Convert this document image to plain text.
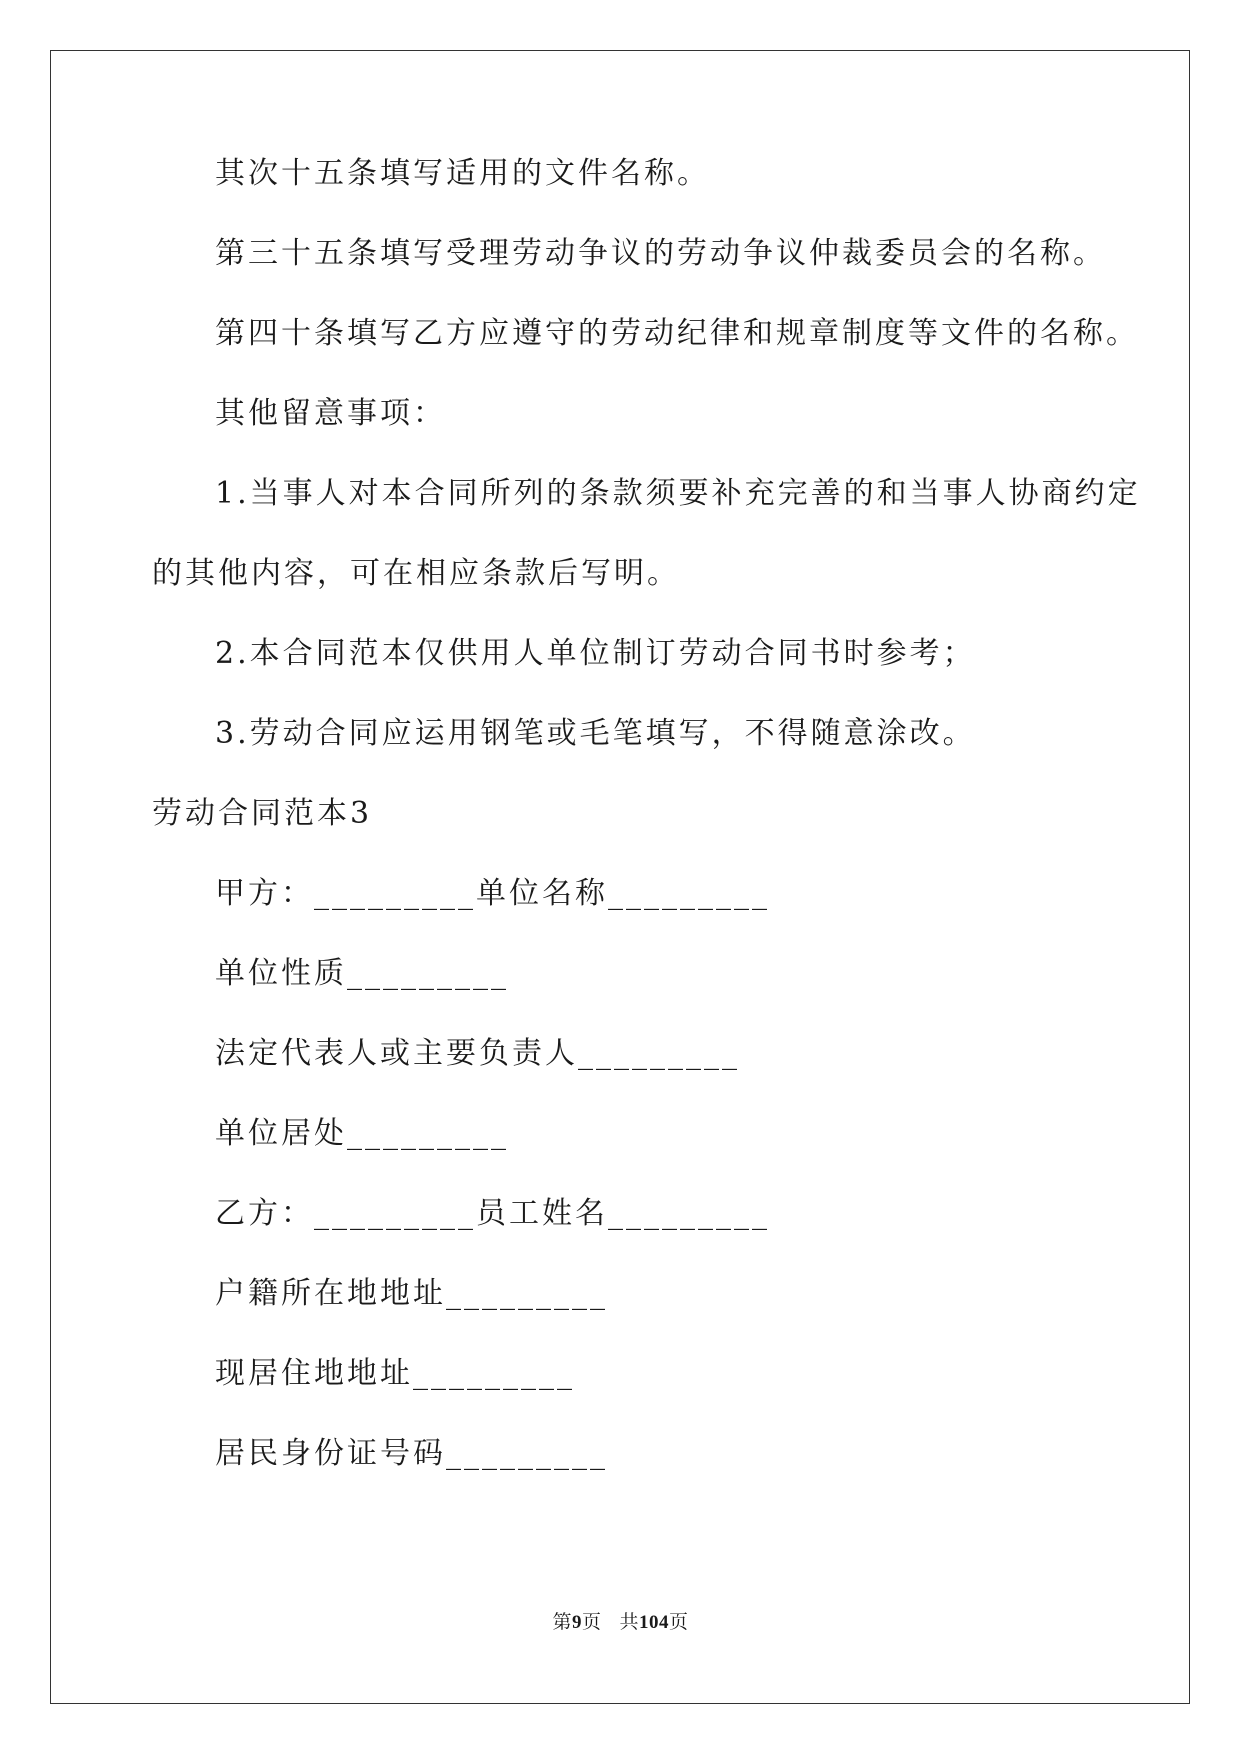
其次十五条填写适用的文件名称。
第三十五条填写受理劳动争议的劳动争议仲裁委员会的名称。
第四十条填写乙方应遵守的劳动纪律和规章制度等文件的名称。
其他留意事项：
1.当事人对本合同所列的条款须要补充完善的和当事人协商约定
的其他内容，可在相应条款后写明。
2.本合同范本仅供用人单位制订劳动合同书时参考；
3.劳动合同应运用钢笔或毛笔填写，不得随意涂改。
劳动合同范本3
甲方：_________单位名称_________
单位性质_________
法定代表人或主要负责人_________
单位居处_________
乙方：_________员工姓名_________
户籍所在地地址_________
现居住地地址_________
居民身份证号码_________
第9页 共104页
